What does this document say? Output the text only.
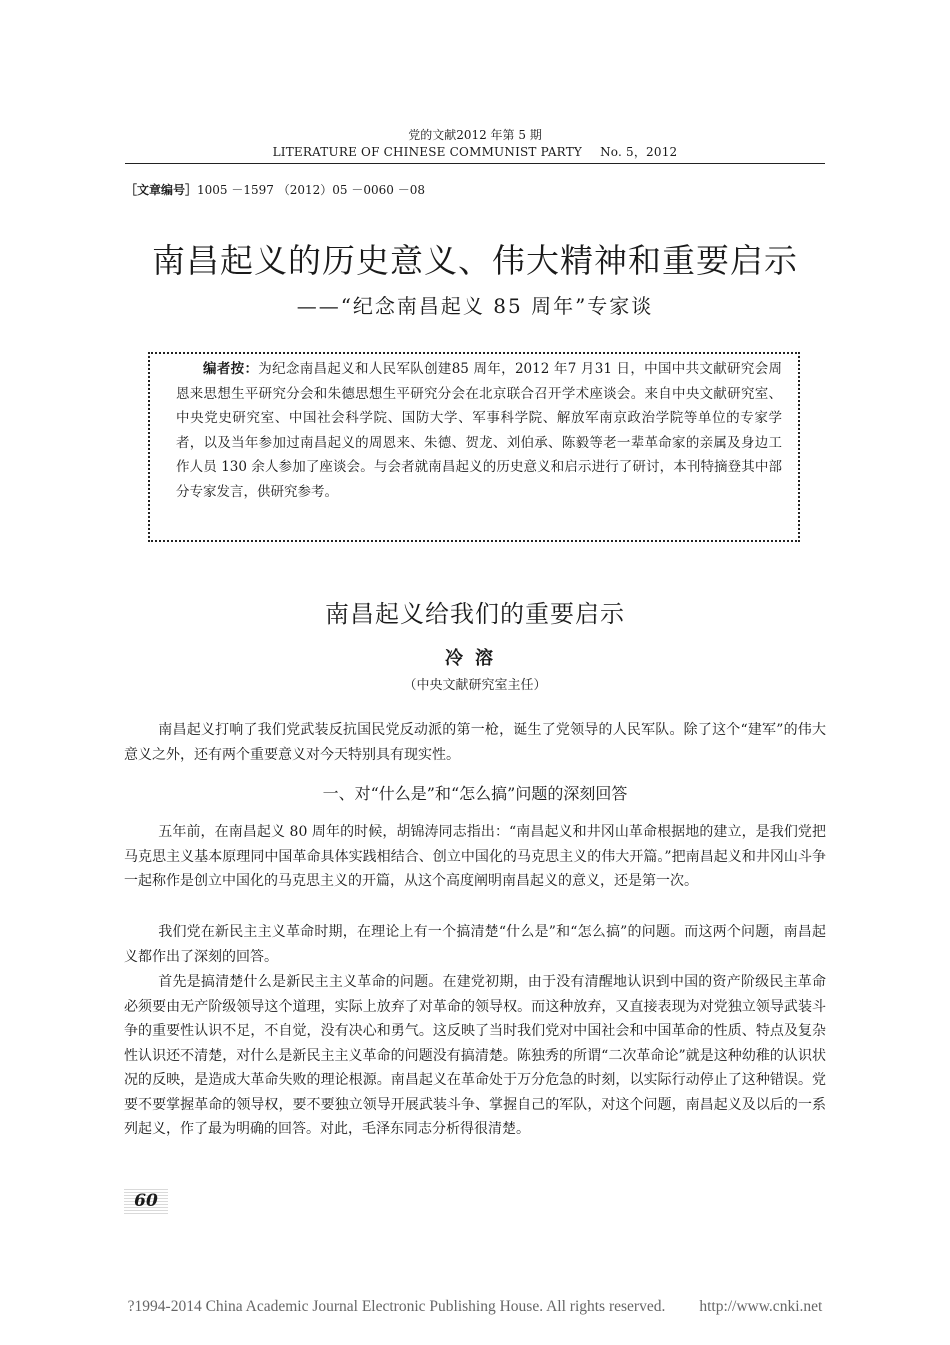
党的文献2012 年第 5 期
LITERATURE OF CHINESE COMMUNIST PARTY No. 5，2012
［文章编号］1005 －1597 （2012）05 －0060 －08
南昌起义的历史意义、伟大精神和重要启示
——“纪念南昌起义 85 周年”专家谈
编者按：为纪念南昌起义和人民军队创建85 周年，2012 年7 月31 日，中国中共文献研究会周恩来思想生平研究分会和朱德思想生平研究分会在北京联合召开学术座谈会。来自中央文献研究室、中央党史研究室、中国社会科学院、国防大学、军事科学院、解放军南京政治学院等单位的专家学者，以及当年参加过南昌起义的周恩来、朱德、贺龙、刘伯承、陈毅等老一辈革命家的亲属及身边工作人员 130 余人参加了座谈会。与会者就南昌起义的历史意义和启示进行了研讨，本刊特摘登其中部分专家发言，供研究参考。
南昌起义给我们的重要启示
冷溶
（中央文献研究室主任）

南昌起义打响了我们党武装反抗国民党反动派的第一枪，诞生了党领导的人民军队。除了这个“建军”的伟大意义之外，还有两个重要意义对今天特别具有现实性。

一、对“什么是”和“怎么搞”问题的深刻回答

五年前，在南昌起义 80 周年的时候，胡锦涛同志指出：“南昌起义和井冈山革命根据地的建立，是我们党把马克思主义基本原理同中国革命具体实践相结合、创立中国化的马克思主义的伟大开篇。”把南昌起义和井冈山斗争一起称作是创立中国化的马克思主义的开篇，从这个高度阐明南昌起义的意义，还是第一次。

我们党在新民主主义革命时期，在理论上有一个搞清楚“什么是”和“怎么搞”的问题。而这两个问题，南昌起义都作出了深刻的回答。

首先是搞清楚什么是新民主主义革命的问题。在建党初期，由于没有清醒地认识到中国的资产阶级民主革命必须要由无产阶级领导这个道理，实际上放弃了对革命的领导权。而这种放弃，又直接表现为对党独立领导武装斗争的重要性认识不足，不自觉，没有决心和勇气。这反映了当时我们党对中国社会和中国革命的性质、特点及复杂性认识还不清楚，对什么是新民主主义革命的问题没有搞清楚。陈独秀的所谓“二次革命论”就是这种幼稚的认识状况的反映，是造成大革命失败的理论根源。南昌起义在革命处于万分危急的时刻，以实际行动停止了这种错误。党要不要掌握革命的领导权，要不要独立领导开展武装斗争、掌握自己的军队，对这个问题，南昌起义及以后的一系列起义，作了最为明确的回答。对此，毛泽东同志分析得很清楚。

60
?1994-2014 China Academic Journal Electronic Publishing House. All rights reserved. http://www.cnki.net
